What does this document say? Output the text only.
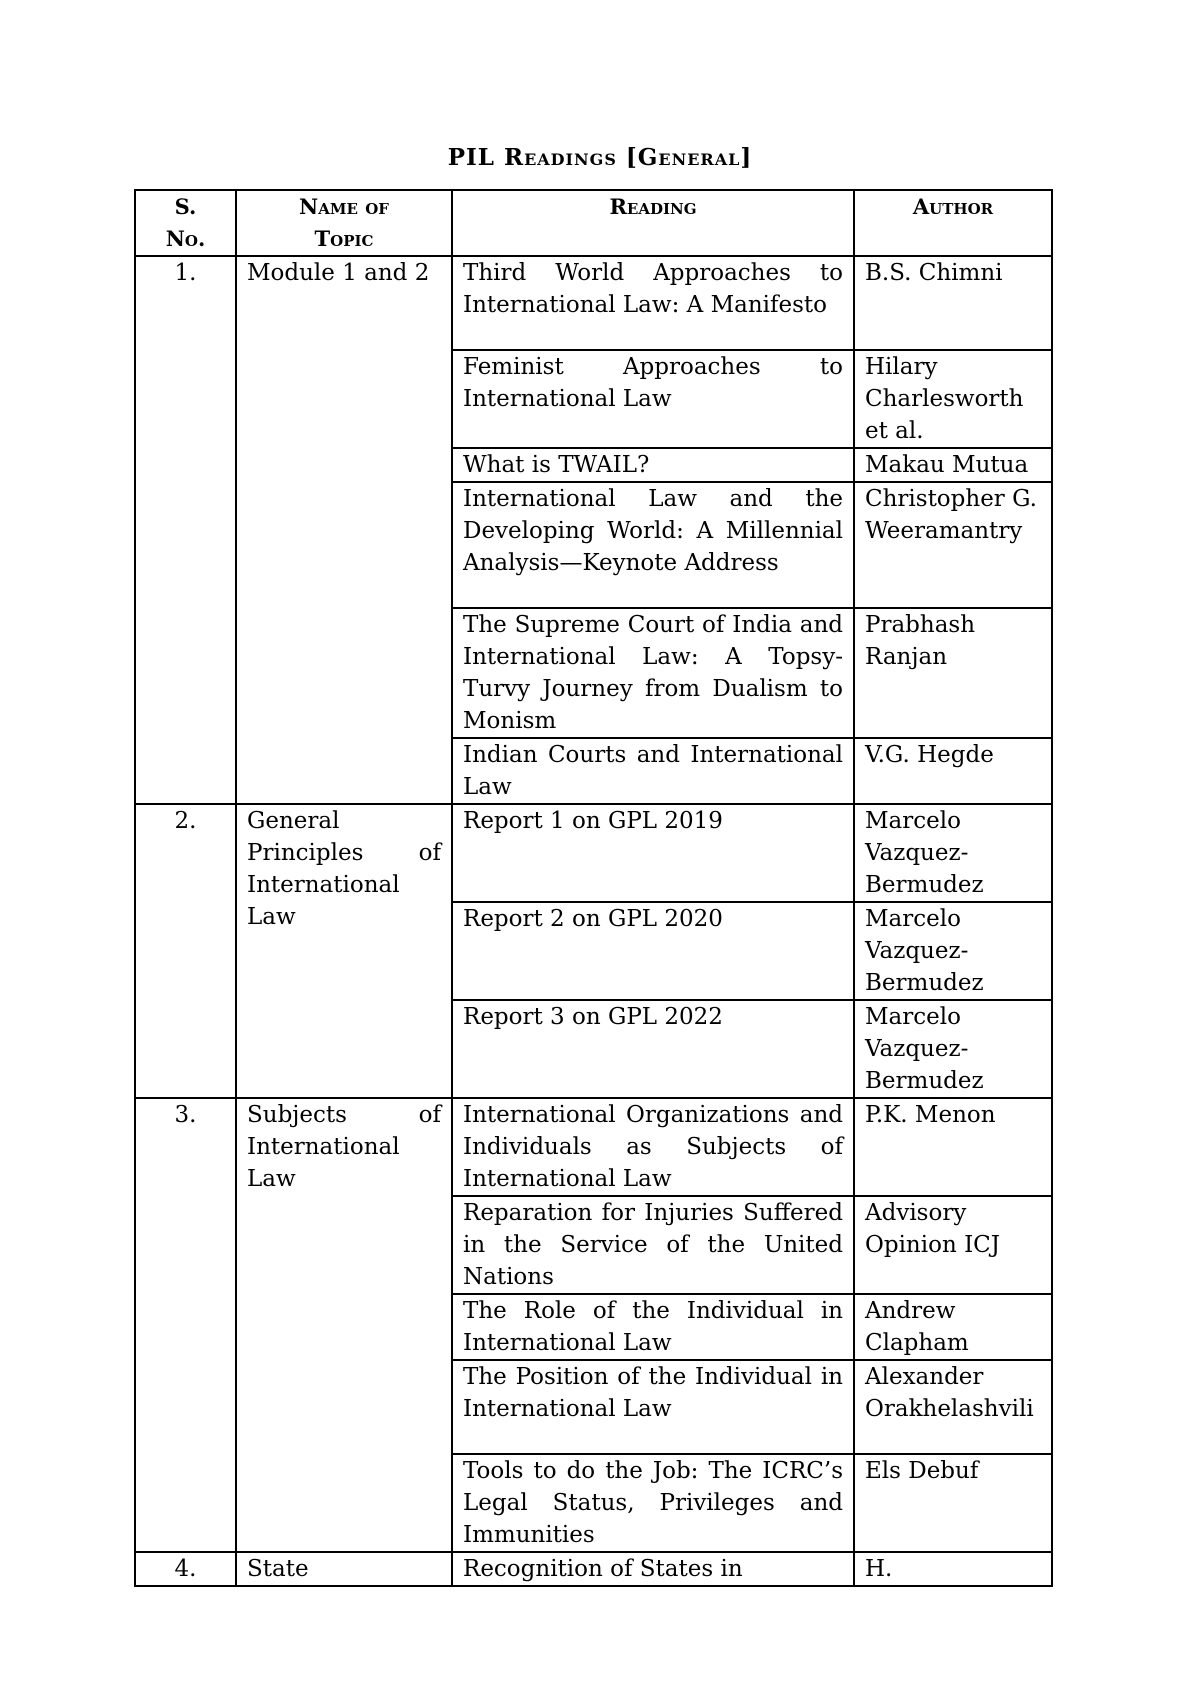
PIL Readings [General]
S. No.	Name of Topic	Reading	Author
1.	Module 1 and 2	Third World Approaches to International Law: A Manifesto	B.S. Chimni
		Feminist Approaches to International Law	Hilary Charlesworth et al.
		What is TWAIL?	Makau Mutua
		International Law and the Developing World: A Millennial Analysis—Keynote Address	Christopher G. Weeramantry
		The Supreme Court of India and International Law: A Topsy-Turvy Journey from Dualism to Monism	Prabhash Ranjan
		Indian Courts and International Law	V.G. Hegde
2.	General Principles of International Law	Report 1 on GPL 2019	Marcelo Vazquez-Bermudez
		Report 2 on GPL 2020	Marcelo Vazquez-Bermudez
		Report 3 on GPL 2022	Marcelo Vazquez-Bermudez
3.	Subjects of International Law	International Organizations and Individuals as Subjects of International Law	P.K. Menon
		Reparation for Injuries Suffered in the Service of the United Nations	Advisory Opinion ICJ
		The Role of the Individual in International Law	Andrew Clapham
		The Position of the Individual in International Law	Alexander Orakhelashvili

		Tools to do the Job: The ICRC’s Legal Status, Privileges and Immunities	Els Debuf
4.	State	Recognition of States in	H.
